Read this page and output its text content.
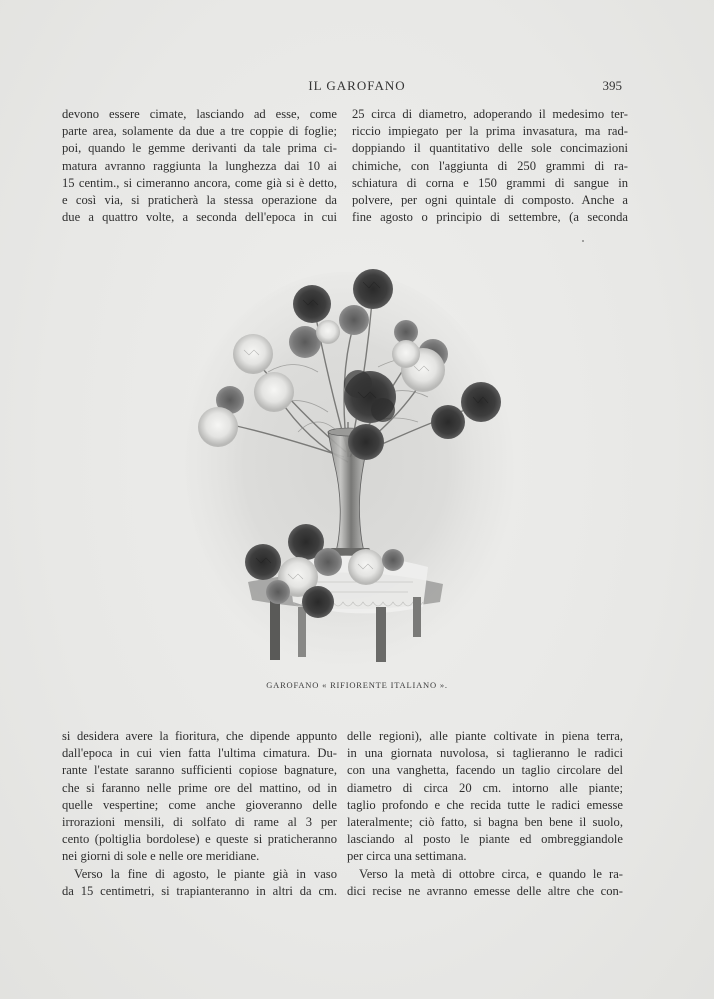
IL GAROFANO	395
devono essere cimate, lasciando ad esse, come
parte area, solamente da due a tre coppie di foglie;
poi, quando le gemme derivanti da tale prima ci-
matura avranno raggiunta la lunghezza dai 10 ai
15 centim., si cimeranno ancora, come già si è detto,
e così via, si praticherà la stessa operazione da
due a quattro volte, a seconda dell'epoca in cui
25 circa di diametro, adoperando il medesimo ter-
riccio impiegato per la prima invasatura, ma rad-
doppiando il quantitativo delle sole concimazioni
chimiche, con l'aggiunta di 250 grammi di ra-
schiatura di corna e 150 grammi di sangue in
polvere, per ogni quintale di composto. Anche a
fine agosto o principio di settembre, (a seconda
GAROFANO « RIFIORENTE ITALIANO ».
si desidera avere la fioritura, che dipende appunto
dall'epoca in cui vien fatta l'ultima cimatura. Du-
rante l'estate saranno sufficienti copiose bagnature,
che si faranno nelle prime ore del mattino, od in
quelle vespertine; come anche gioveranno delle
irrorazioni mensili, di solfato di rame al 3 per
cento (poltiglia bordolese) e queste si praticheranno
nei giorni di sole e nelle ore meridiane.
Verso la fine di agosto, le piante già in vaso
da 15 centimetri, si trapianteranno in altri da cm.
delle regioni), alle piante coltivate in piena terra,
in una giornata nuvolosa, si taglieranno le radici
con una vanghetta, facendo un taglio circolare del
diametro di circa 20 cm. intorno alle piante;
taglio profondo e che recida tutte le radici emesse
lateralmente; ciò fatto, si bagna ben bene il suolo,
lasciando al posto le piante ed ombreggiandole
per circa una settimana.
Verso la metà di ottobre circa, e quando le ra-
dici recise ne avranno emesse delle altre che con-
